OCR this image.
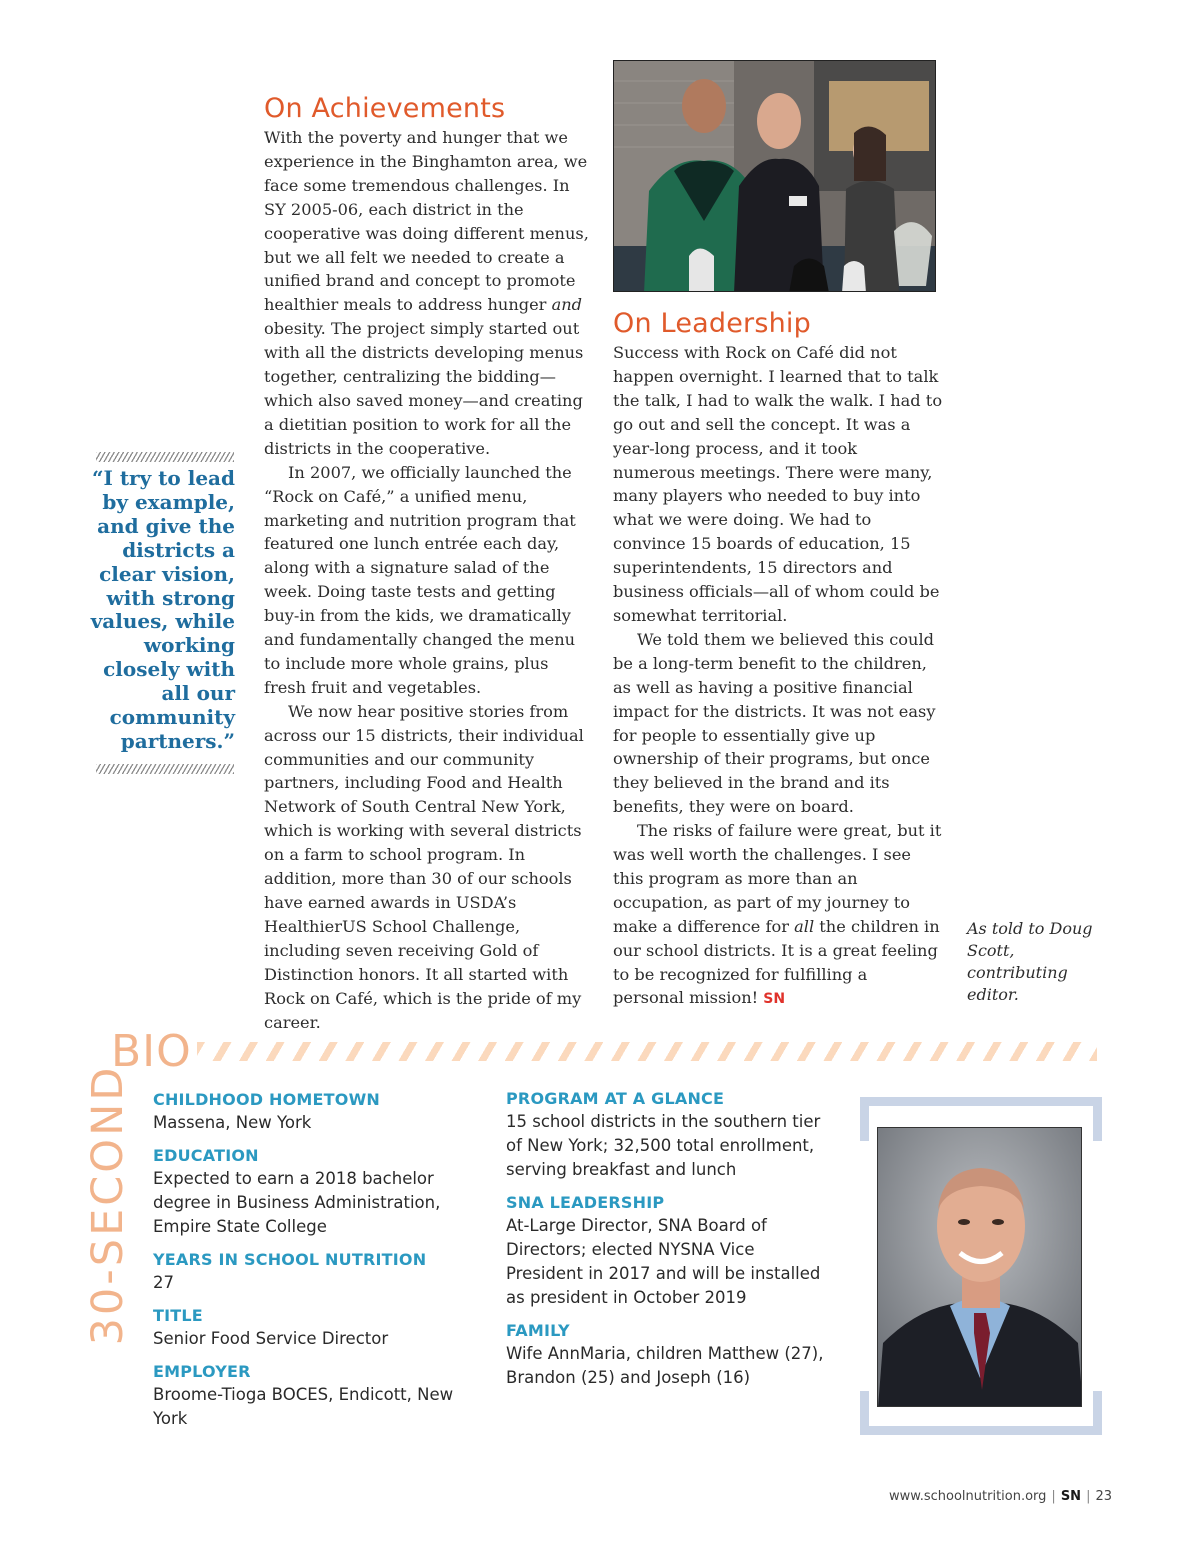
On Achievements

With the poverty and hunger that we experience in the Binghamton area, we face some tremendous challenges. In SY 2005-06, each district in the cooperative was doing different menus, but we all felt we needed to create a unified brand and concept to promote healthier meals to address hunger and obesity. The project simply started out with all the districts developing menus together, centralizing the bidding—which also saved money—and creating a dietitian position to work for all the districts in the cooperative.

In 2007, we officially launched the “Rock on Café,” a unified menu, marketing and nutrition program that featured one lunch entrée each day, along with a signature salad of the week. Doing taste tests and getting buy-in from the kids, we dramatically and fundamentally changed the menu to include more whole grains, plus fresh fruit and vegetables.

We now hear positive stories from across our 15 districts, their individual communities and our community partners, including Food and Health Network of South Central New York, which is working with several districts on a farm to school program. In addition, more than 30 of our schools have earned awards in USDA’s HealthierUS School Challenge, including seven receiving Gold of Distinction honors. It all started with Rock on Café, which is the pride of my career.

“I try to lead by example, and give the districts a clear vision, with strong values, while working closely with all our community partners.”
On Leadership

Success with Rock on Café did not happen overnight. I learned that to talk the talk, I had to walk the walk. I had to go out and sell the concept. It was a year-long process, and it took numerous meetings. There were many, many players who needed to buy into what we were doing. We had to convince 15 boards of education, 15 superintendents, 15 directors and business officials—all of whom could be somewhat territorial.

We told them we believed this could be a long-term benefit to the children, as well as having a positive financial impact for the districts. It was not easy for people to essentially give up ownership of their programs, but once they believed in the brand and its benefits, they were on board.

The risks of failure were great, but it was well worth the challenges. I see this program as more than an occupation, as part of my journey to make a difference for all the children in our school districts. It is a great feeling to be recognized for fulfilling a personal mission! SN

As told to Doug Scott, contributing editor.
BIO
30-SECOND CHILDHOOD HOMETOWN
Massena, New York
EDUCATION
Expected to earn a 2018 bachelor degree in Business Administration, Empire State College
YEARS IN SCHOOL NUTRITION
27
TITLE
Senior Food Service Director
EMPLOYER
Broome-Tioga BOCES, Endicott, New York
PROGRAM AT A GLANCE
15 school districts in the southern tier of New York; 32,500 total enrollment, serving breakfast and lunch
SNA LEADERSHIP
At-Large Director, SNA Board of Directors; elected NYSNA Vice President in 2017 and will be installed as president in October 2019
FAMILY
Wife AnnMaria, children Matthew (27), Brandon (25) and Joseph (16)
www.schoolnutrition.org | SN | 23
